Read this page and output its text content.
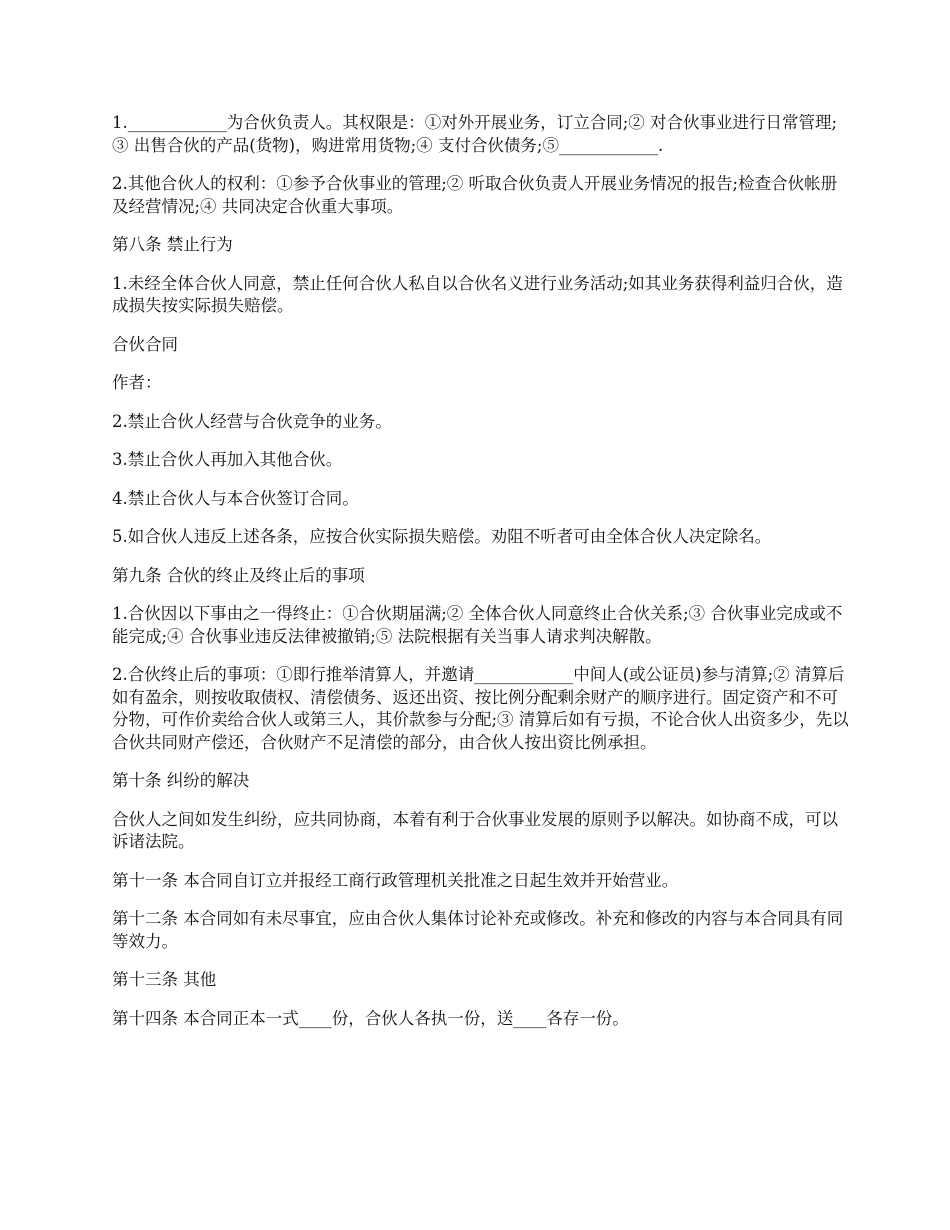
1.____________为合伙负责人。其权限是：①对外开展业务，订立合同;② 对合伙事业进行日常管理;③ 出售合伙的产品(货物)，购进常用货物;④ 支付合伙债务;⑤____________.

2.其他合伙人的权利：①参予合伙事业的管理;② 听取合伙负责人开展业务情况的报告;检查合伙帐册及经营情况;④ 共同决定合伙重大事项。

第八条 禁止行为

1.未经全体合伙人同意，禁止任何合伙人私自以合伙名义进行业务活动;如其业务获得利益归合伙，造成损失按实际损失赔偿。

合伙合同

作者：

2.禁止合伙人经营与合伙竞争的业务。

3.禁止合伙人再加入其他合伙。

4.禁止合伙人与本合伙签订合同。

5.如合伙人违反上述各条，应按合伙实际损失赔偿。劝阻不听者可由全体合伙人决定除名。

第九条 合伙的终止及终止后的事项

1.合伙因以下事由之一得终止：①合伙期届满;② 全体合伙人同意终止合伙关系;③ 合伙事业完成或不能完成;④ 合伙事业违反法律被撤销;⑤ 法院根据有关当事人请求判决解散。

2.合伙终止后的事项：①即行推举清算人，并邀请____________中间人(或公证员)参与清算;② 清算后如有盈余，则按收取债权、清偿债务、返还出资、按比例分配剩余财产的顺序进行。固定资产和不可分物，可作价卖给合伙人或第三人，其价款参与分配;③ 清算后如有亏损，不论合伙人出资多少，先以合伙共同财产偿还，合伙财产不足清偿的部分，由合伙人按出资比例承担。

第十条 纠纷的解决

合伙人之间如发生纠纷，应共同协商，本着有利于合伙事业发展的原则予以解决。如协商不成，可以诉诸法院。

第十一条 本合同自订立并报经工商行政管理机关批准之日起生效并开始营业。

第十二条 本合同如有未尽事宜，应由合伙人集体讨论补充或修改。补充和修改的内容与本合同具有同等效力。

第十三条 其他

第十四条 本合同正本一式____份，合伙人各执一份，送____各存一份。
